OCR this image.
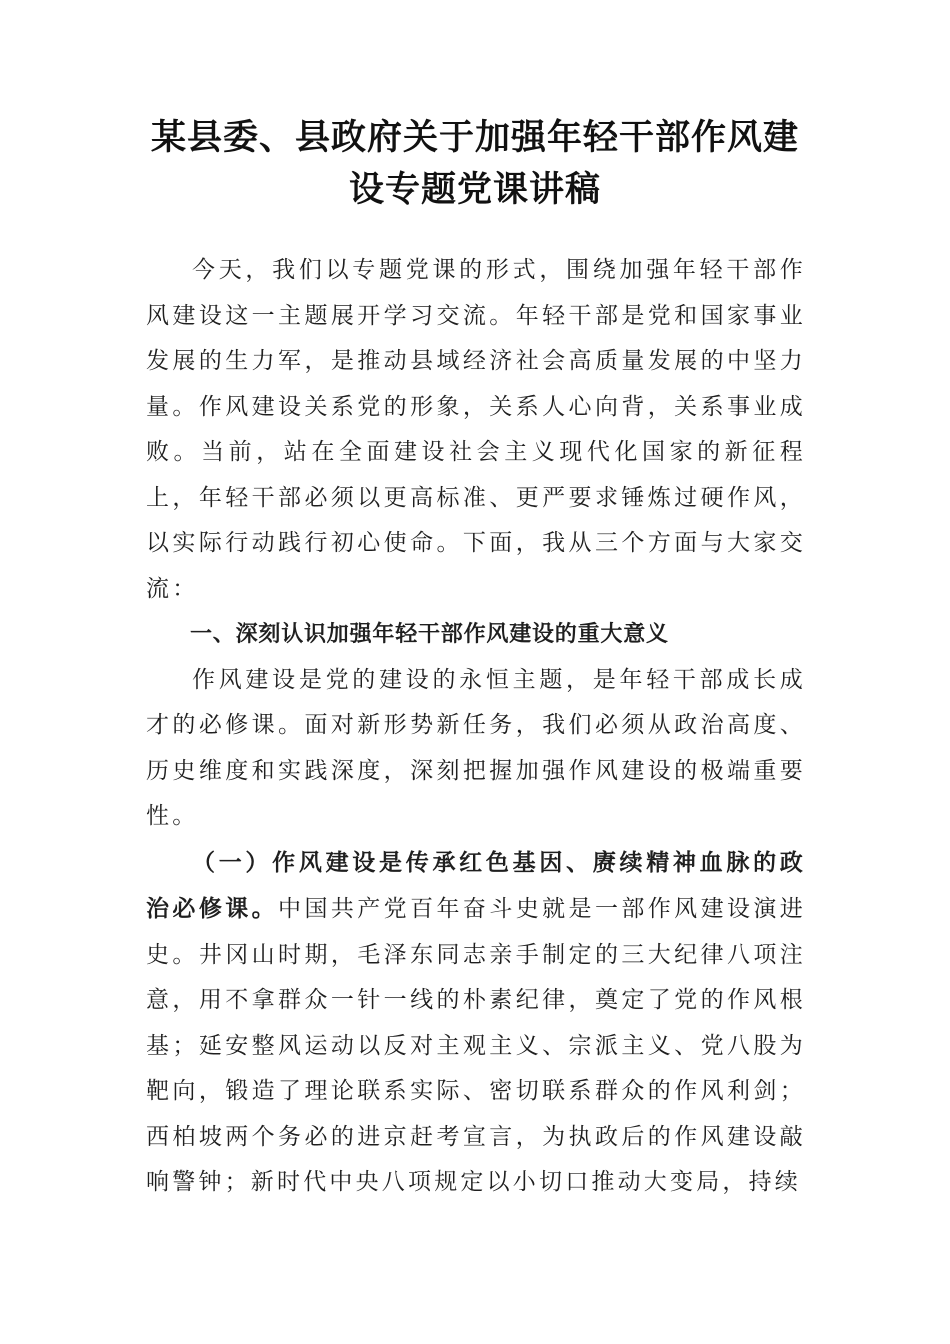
某县委、县政府关于加强年轻干部作风建设专题党课讲稿

今天，我们以专题党课的形式，围绕加强年轻干部作风建设这一主题展开学习交流。年轻干部是党和国家事业发展的生力军，是推动县域经济社会高质量发展的中坚力量。作风建设关系党的形象，关系人心向背，关系事业成败。当前，站在全面建设社会主义现代化国家的新征程上，年轻干部必须以更高标准、更严要求锤炼过硬作风，以实际行动践行初心使命。下面，我从三个方面与大家交流：

一、深刻认识加强年轻干部作风建设的重大意义

作风建设是党的建设的永恒主题，是年轻干部成长成才的必修课。面对新形势新任务，我们必须从政治高度、历史维度和实践深度，深刻把握加强作风建设的极端重要性。

（一）作风建设是传承红色基因、赓续精神血脉的政治必修课。中国共产党百年奋斗史就是一部作风建设演进史。井冈山时期，毛泽东同志亲手制定的三大纪律八项注意，用不拿群众一针一线的朴素纪律，奠定了党的作风根基；延安整风运动以反对主观主义、宗派主义、党八股为靶向，锻造了理论联系实际、密切联系群众的作风利剑；西柏坡两个务必的进京赶考宣言，为执政后的作风建设敲响警钟；新时代中央八项规定以小切口推动大变局，持续
